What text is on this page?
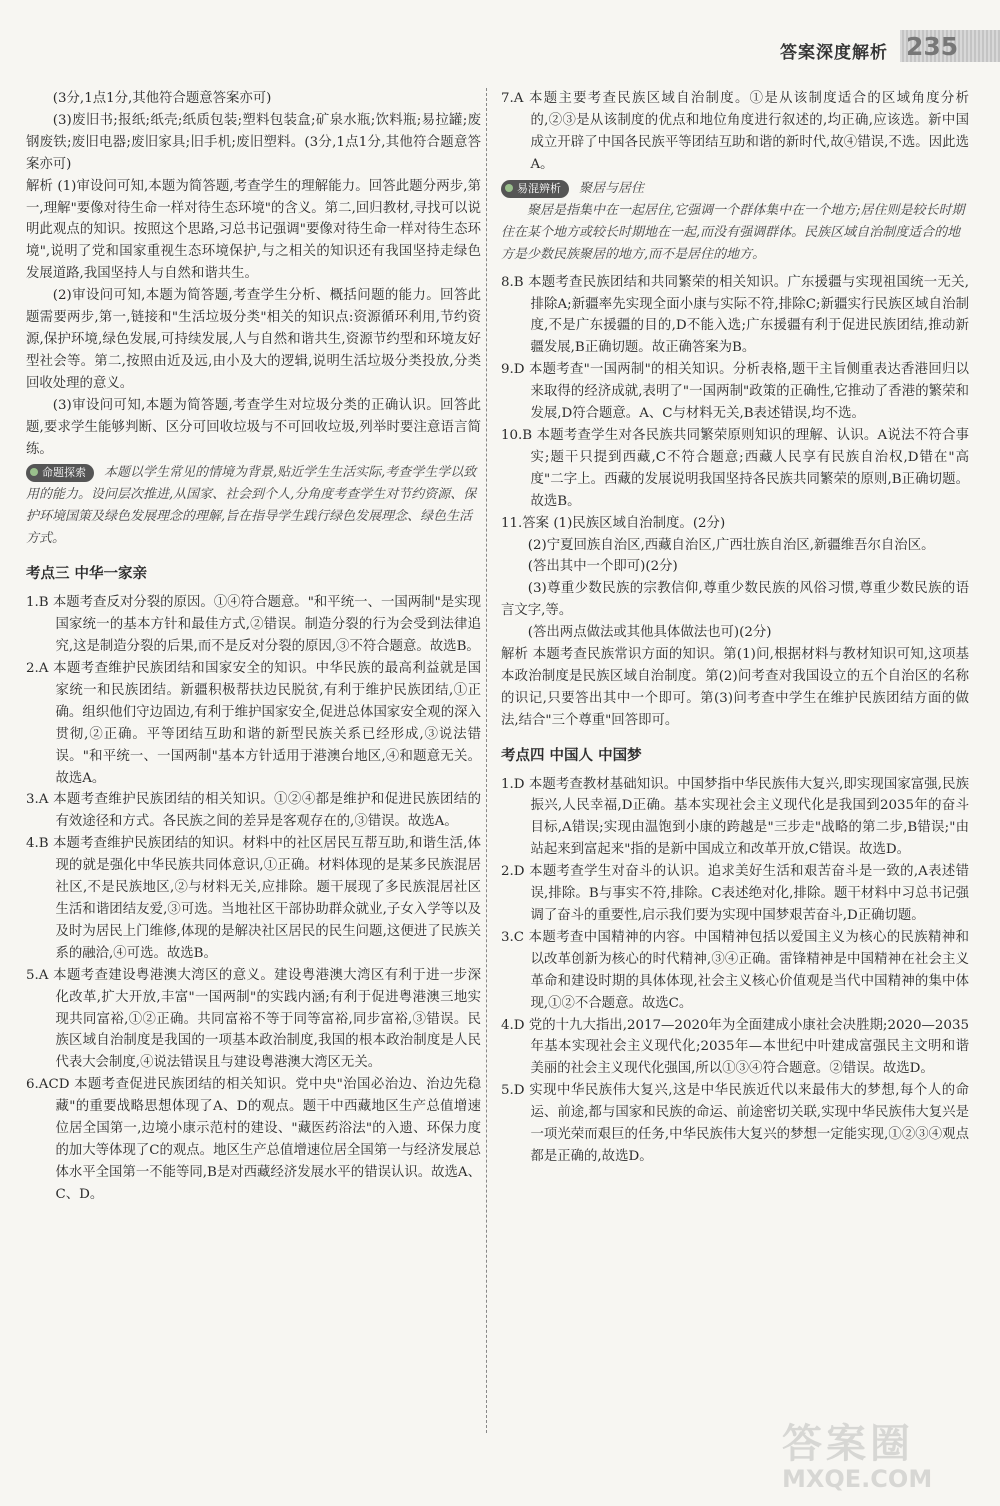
答案深度解析 235

(3分,1点1分,其他符合题意答案亦可)

(3)废旧书;报纸;纸壳;纸质包装;塑料包装盒;矿泉水瓶;饮料瓶;易拉罐;废钢废铁;废旧电器;废旧家具;旧手机;废旧塑料。(3分,1点1分,其他符合题意答案亦可)

解析 (1)审设问可知,本题为简答题,考查学生的理解能力。回答此题分两步,第一,理解"要像对待生命一样对待生态环境"的含义。第二,回归教材,寻找可以说明此观点的知识。按照这个思路,习总书记强调"要像对待生命一样对待生态环境",说明了党和国家重视生态环境保护,与之相关的知识还有我国坚持走绿色发展道路,我国坚持人与自然和谐共生。

(2)审设问可知,本题为简答题,考查学生分析、概括问题的能力。回答此题需要两步,第一,链接和"生活垃圾分类"相关的知识点:资源循环利用,节约资源,保护环境,绿色发展,可持续发展,人与自然和谐共生,资源节约型和环境友好型社会等。第二,按照由近及远,由小及大的逻辑,说明生活垃圾分类投放,分类回收处理的意义。

(3)审设问可知,本题为简答题,考查学生对垃圾分类的正确认识。回答此题,要求学生能够判断、区分可回收垃圾与不可回收垃圾,列举时要注意语言简练。

命题探索 本题以学生常见的情境为背景,贴近学生生活实际,考查学生学以致用的能力。设问层次推进,从国家、社会到个人,分角度考查学生对节约资源、保护环境国策及绿色发展理念的理解,旨在指导学生践行绿色发展理念、绿色生活方式。
考点三 中华一家亲

1.B 本题考查反对分裂的原因。①④符合题意。"和平统一、一国两制"是实现国家统一的基本方针和最佳方式,②错误。制造分裂的行为会受到法律追究,这是制造分裂的后果,而不是反对分裂的原因,③不符合题意。故选B。

2.A 本题考查维护民族团结和国家安全的知识。中华民族的最高利益就是国家统一和民族团结。新疆积极帮扶边民脱贫,有利于维护民族团结,①正确。组织他们守边固边,有利于维护国家安全,促进总体国家安全观的深入贯彻,②正确。平等团结互助和谐的新型民族关系已经形成,③说法错误。"和平统一、一国两制"基本方针适用于港澳台地区,④和题意无关。故选A。

3.A 本题考查维护民族团结的相关知识。①②④都是维护和促进民族团结的有效途径和方式。各民族之间的差异是客观存在的,③错误。故选A。

4.B 本题考查维护民族团结的知识。材料中的社区居民互帮互助,和谐生活,体现的就是强化中华民族共同体意识,①正确。材料体现的是某多民族混居社区,不是民族地区,②与材料无关,应排除。题干展现了多民族混居社区生活和谐团结友爱,③可选。当地社区干部协助群众就业,子女入学等以及及时为居民上门维修,体现的是解决社区居民的民生问题,这便进了民族关系的融洽,④可选。故选B。

5.A 本题考查建设粤港澳大湾区的意义。建设粤港澳大湾区有利于进一步深化改革,扩大开放,丰富"一国两制"的实践内涵;有利于促进粤港澳三地实现共同富裕,①②正确。共同富裕不等于同等富裕,同步富裕,③错误。民族区域自治制度是我国的一项基本政治制度,我国的根本政治制度是人民代表大会制度,④说法错误且与建设粤港澳大湾区无关。

6.ACD 本题考查促进民族团结的相关知识。党中央"治国必治边、治边先稳藏"的重要战略思想体现了A、D的观点。题干中西藏地区生产总值增速位居全国第一,边境小康示范村的建设、"藏医药浴法"的入遗、环保力度的加大等体现了C的观点。地区生产总值增速位居全国第一与经济发展总体水平全国第一不能等同,B是对西藏经济发展水平的错误认识。故选A、C、D。

7.A 本题主要考查民族区域自治制度。①是从该制度适合的区域角度分析的,②③是从该制度的优点和地位角度进行叙述的,均正确,应该选。新中国成立开辟了中国各民族平等团结互助和谐的新时代,故④错误,不选。因此选A。

易混辨析 聚居与居住
聚居是指集中在一起居住,它强调一个群体集中在一个地方;居住则是较长时期住在某个地方或较长时期地在一起,而没有强调群体。民族区域自治制度适合的地方是少数民族聚居的地方,而不是居住的地方。

8.B 本题考查民族团结和共同繁荣的相关知识。广东援疆与实现祖国统一无关,排除A;新疆率先实现全面小康与实际不符,排除C;新疆实行民族区域自治制度,不是广东援疆的目的,D不能入选;广东援疆有利于促进民族团结,推动新疆发展,B正确切题。故正确答案为B。

9.D 本题考查"一国两制"的相关知识。分析表格,题干主旨侧重表达香港回归以来取得的经济成就,表明了"一国两制"政策的正确性,它推动了香港的繁荣和发展,D符合题意。A、C与材料无关,B表述错误,均不选。

10.B 本题考查学生对各民族共同繁荣原则知识的理解、认识。A说法不符合事实;题干只提到西藏,C不符合题意;西藏人民享有民族自治权,D错在"高度"二字上。西藏的发展说明我国坚持各民族共同繁荣的原则,B正确切题。故选B。

11.答案 (1)民族区域自治制度。(2分)

(2)宁夏回族自治区,西藏自治区,广西壮族自治区,新疆维吾尔自治区。

(答出其中一个即可)(2分)

(3)尊重少数民族的宗教信仰,尊重少数民族的风俗习惯,尊重少数民族的语言文字,等。

(答出两点做法或其他具体做法也可)(2分)

解析 本题考查民族常识方面的知识。第(1)问,根据材料与教材知识可知,这项基本政治制度是民族区域自治制度。第(2)问考查对我国设立的五个自治区的名称的识记,只要答出其中一个即可。第(3)问考查中学生在维护民族团结方面的做法,结合"三个尊重"回答即可。

考点四 中国人 中国梦

1.D 本题考查教材基础知识。中国梦指中华民族伟大复兴,即实现国家富强,民族振兴,人民幸福,D正确。基本实现社会主义现代化是我国到2035年的奋斗目标,A错误;实现由温饱到小康的跨越是"三步走"战略的第二步,B错误;"由站起来到富起来"指的是新中国成立和改革开放,C错误。故选D。

2.D 本题考查学生对奋斗的认识。追求美好生活和艰苦奋斗是一致的,A表述错误,排除。B与事实不符,排除。C表述绝对化,排除。题干材料中习总书记强调了奋斗的重要性,启示我们要为实现中国梦艰苦奋斗,D正确切题。

3.C 本题考查中国精神的内容。中国精神包括以爱国主义为核心的民族精神和以改革创新为核心的时代精神,③④正确。雷锋精神是中国精神在社会主义革命和建设时期的具体体现,社会主义核心价值观是当代中国精神的集中体现,①②不合题意。故选C。

4.D 党的十九大指出,2017—2020年为全面建成小康社会决胜期;2020—2035年基本实现社会主义现代化;2035年—本世纪中叶建成富强民主文明和谐美丽的社会主义现代化强国,所以①③④符合题意。②错误。故选D。

5.D 实现中华民族伟大复兴,这是中华民族近代以来最伟大的梦想,每个人的命运、前途,都与国家和民族的命运、前途密切关联,实现中华民族伟大复兴是一项光荣而艰巨的任务,中华民族伟大复兴的梦想一定能实现,①②③④观点都是正确的,故选D。

答案圈
MXQE.COM
